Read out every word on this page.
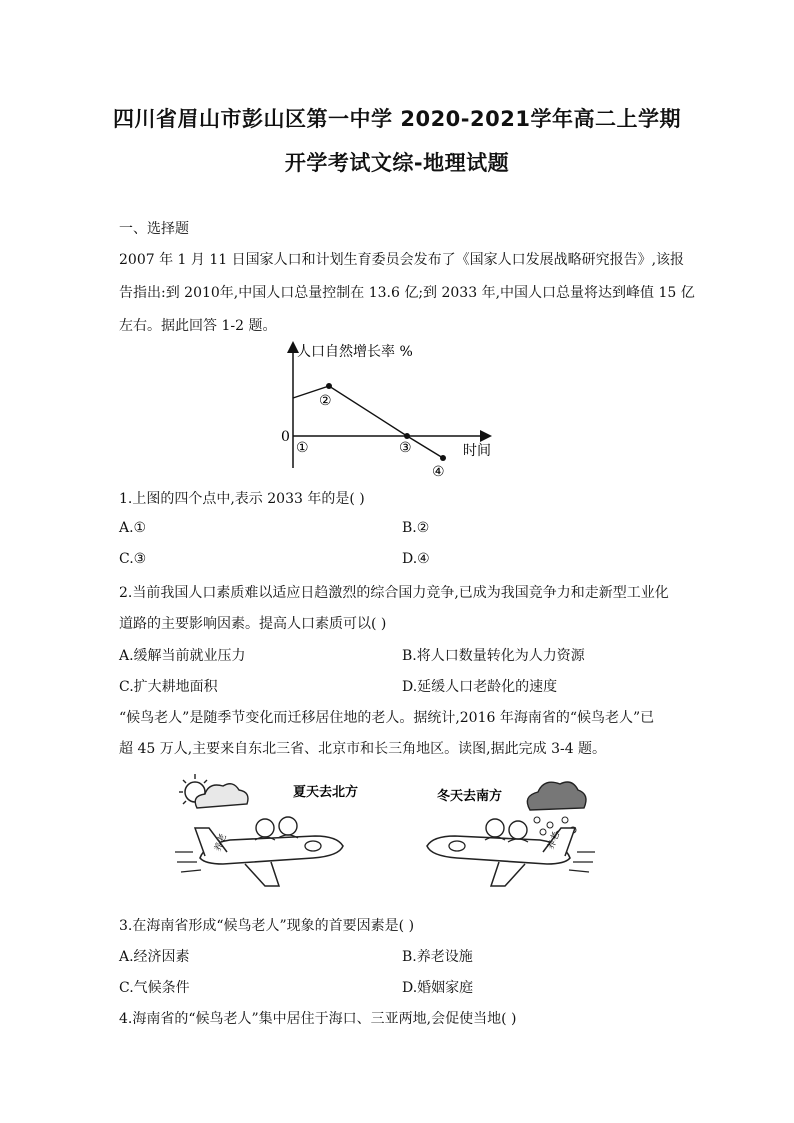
四川省眉山市彭山区第一中学 2020-2021学年高二上学期
开学考试文综-地理试题
一、选择题
2007 年 1 月 11 日国家人口和计划生育委员会发布了《国家人口发展战略研究报告》,该报
告指出:到 2010年,中国人口总量控制在 13.6 亿;到 2033 年,中国人口总量将达到峰值 15 亿
左右。据此回答 1-2 题。
人口自然增长率 %
0
时间
①
②
③
④
1.上图的四个点中,表示 2033 年的是( )
A.①	B.②
C.③	D.④
2.当前我国人口素质难以适应日趋激烈的综合国力竞争,已成为我国竞争力和走新型工业化
道路的主要影响因素。提高人口素质可以( )
A.缓解当前就业压力	B.将人口数量转化为人力资源
C.扩大耕地面积	D.延缓人口老龄化的速度
“候鸟老人”是随季节变化而迁移居住地的老人。据统计,2016 年海南省的“候鸟老人”已
超 45 万人,主要来自东北三省、北京市和长三角地区。读图,据此完成 3-4 题。
夏天去北方
养老
冬天去南方
养老
3.在海南省形成“候鸟老人”现象的首要因素是( )
A.经济因素	B.养老设施
C.气候条件	D.婚姻家庭
4.海南省的“候鸟老人”集中居住于海口、三亚两地,会促使当地( )
